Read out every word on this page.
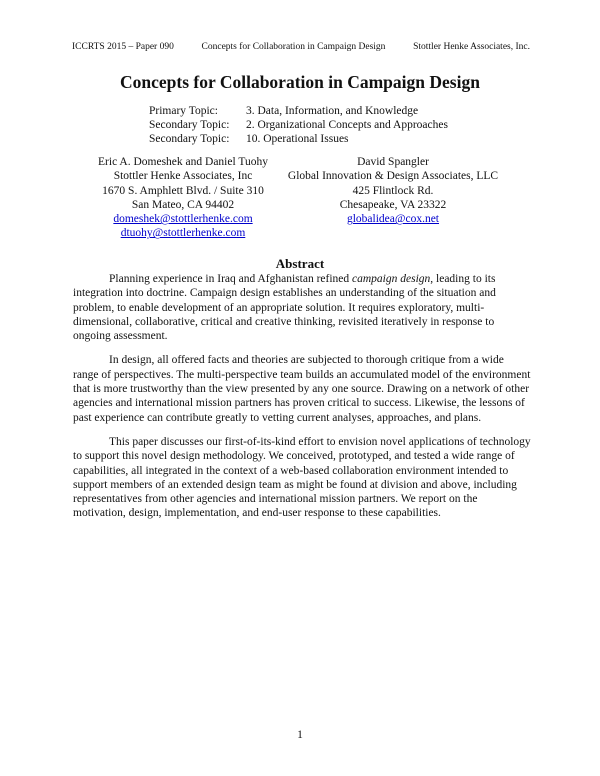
ICCRTS 2015 – Paper 090	Concepts for Collaboration in Campaign Design	Stottler Henke Associates, Inc.
Concepts for Collaboration in Campaign Design
Primary Topic:	3. Data, Information, and Knowledge
Secondary Topic:	2. Organizational Concepts and Approaches
Secondary Topic:	10. Operational Issues
Eric A. Domeshek and Daniel Tuohy
Stottler Henke Associates, Inc
1670 S. Amphlett Blvd. / Suite 310
San Mateo, CA 94402
domeshek@stottlerhenke.com
dtuohy@stottlerhenke.com
David Spangler
Global Innovation & Design Associates, LLC
425 Flintlock Rd.
Chesapeake, VA 23322
globalidea@cox.net
Abstract

Planning experience in Iraq and Afghanistan refined campaign design, leading to its integration into doctrine. Campaign design establishes an understanding of the situation and problem, to enable development of an appropriate solution. It requires exploratory, multi-dimensional, collaborative, critical and creative thinking, revisited iteratively in response to ongoing assessment.

In design, all offered facts and theories are subjected to thorough critique from a wide range of perspectives. The multi-perspective team builds an accumulated model of the environment that is more trustworthy than the view presented by any one source. Drawing on a network of other agencies and international mission partners has proven critical to success. Likewise, the lessons of past experience can contribute greatly to vetting current analyses, approaches, and plans.

This paper discusses our first-of-its-kind effort to envision novel applications of technology to support this novel design methodology. We conceived, prototyped, and tested a wide range of capabilities, all integrated in the context of a web-based collaboration environment intended to support members of an extended design team as might be found at division and above, including representatives from other agencies and international mission partners. We report on the motivation, design, implementation, and end-user response to these capabilities.

1
